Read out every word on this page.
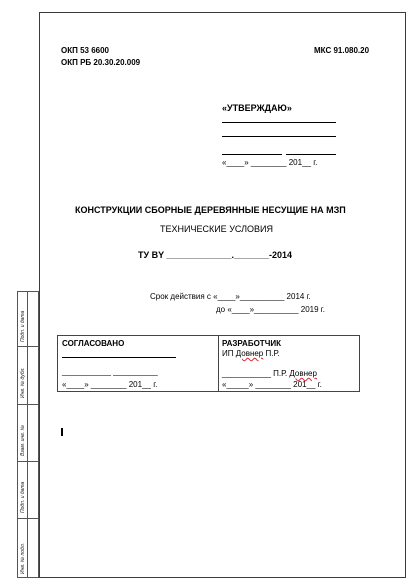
ОКП 53 6600
ОКП РБ 20.30.20.009
МКС 91.080.20
«УТВЕРЖДАЮ»
«____» ________ 201__ г.
КОНСТРУКЦИИ СБОРНЫЕ ДЕРЕВЯННЫЕ НЕСУЩИЕ НА МЗП
ТЕХНИЧЕСКИЕ УСЛОВИЯ
ТУ BY _____________._______-2014
Срок действия с «____»__________ 2014 г.
до «____»__________ 2019 г.
СОГЛАСОВАНО
___________ __________
«____» ________ 201__ г.
РАЗРАБОТЧИК
ИП Довнер П.Р.
___________ П.Р. Довнер
«_____» ________ 201__ г.
Подп. и дата
Инв. № дубл.
Взам. инв. №
Подп. и дата
Инв. № подл.
